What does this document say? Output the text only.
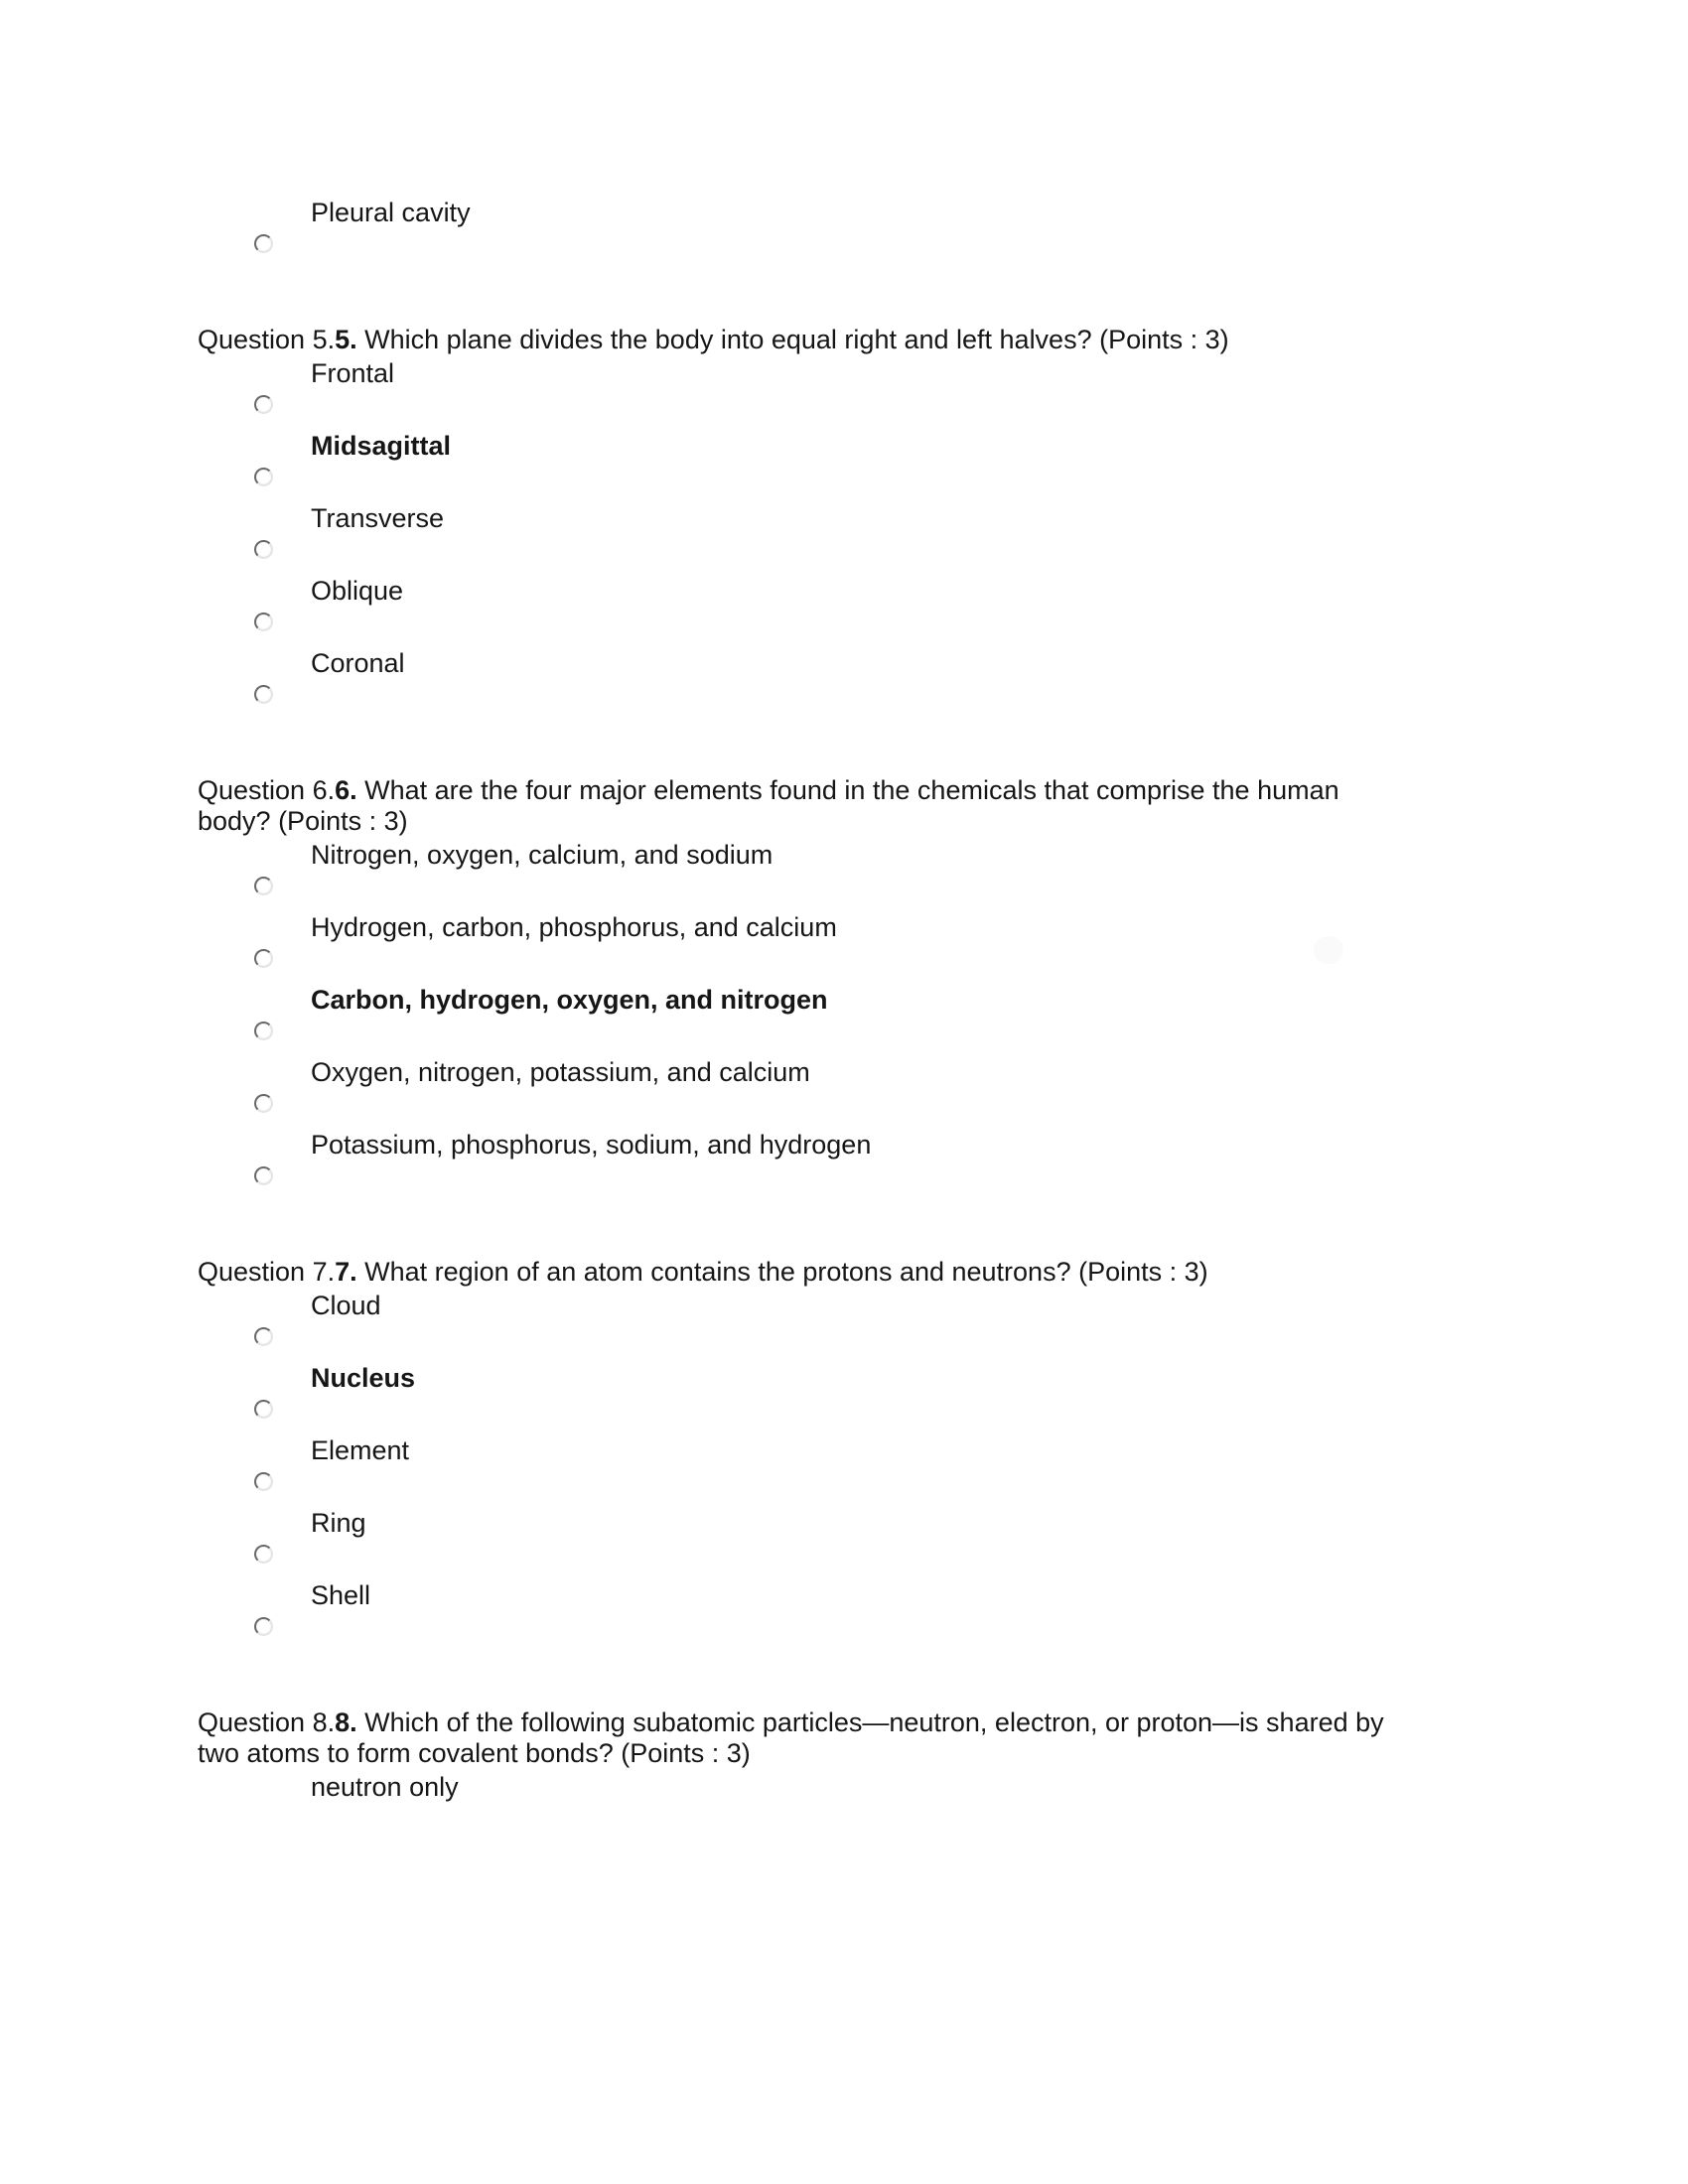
Pleural cavity
Question 5.5. Which plane divides the body into equal right and left halves? (Points : 3)
Frontal
Midsagittal
Transverse
Oblique
Coronal
Question 6.6. What are the four major elements found in the chemicals that comprise the human
body? (Points : 3)
Nitrogen, oxygen, calcium, and sodium
Hydrogen, carbon, phosphorus, and calcium
Carbon, hydrogen, oxygen, and nitrogen
Oxygen, nitrogen, potassium, and calcium
Potassium, phosphorus, sodium, and hydrogen
Question 7.7. What region of an atom contains the protons and neutrons? (Points : 3)
Cloud
Nucleus
Element
Ring
Shell
Question 8.8. Which of the following subatomic particles—neutron, electron, or proton—is shared by
two atoms to form covalent bonds? (Points : 3)
neutron only
